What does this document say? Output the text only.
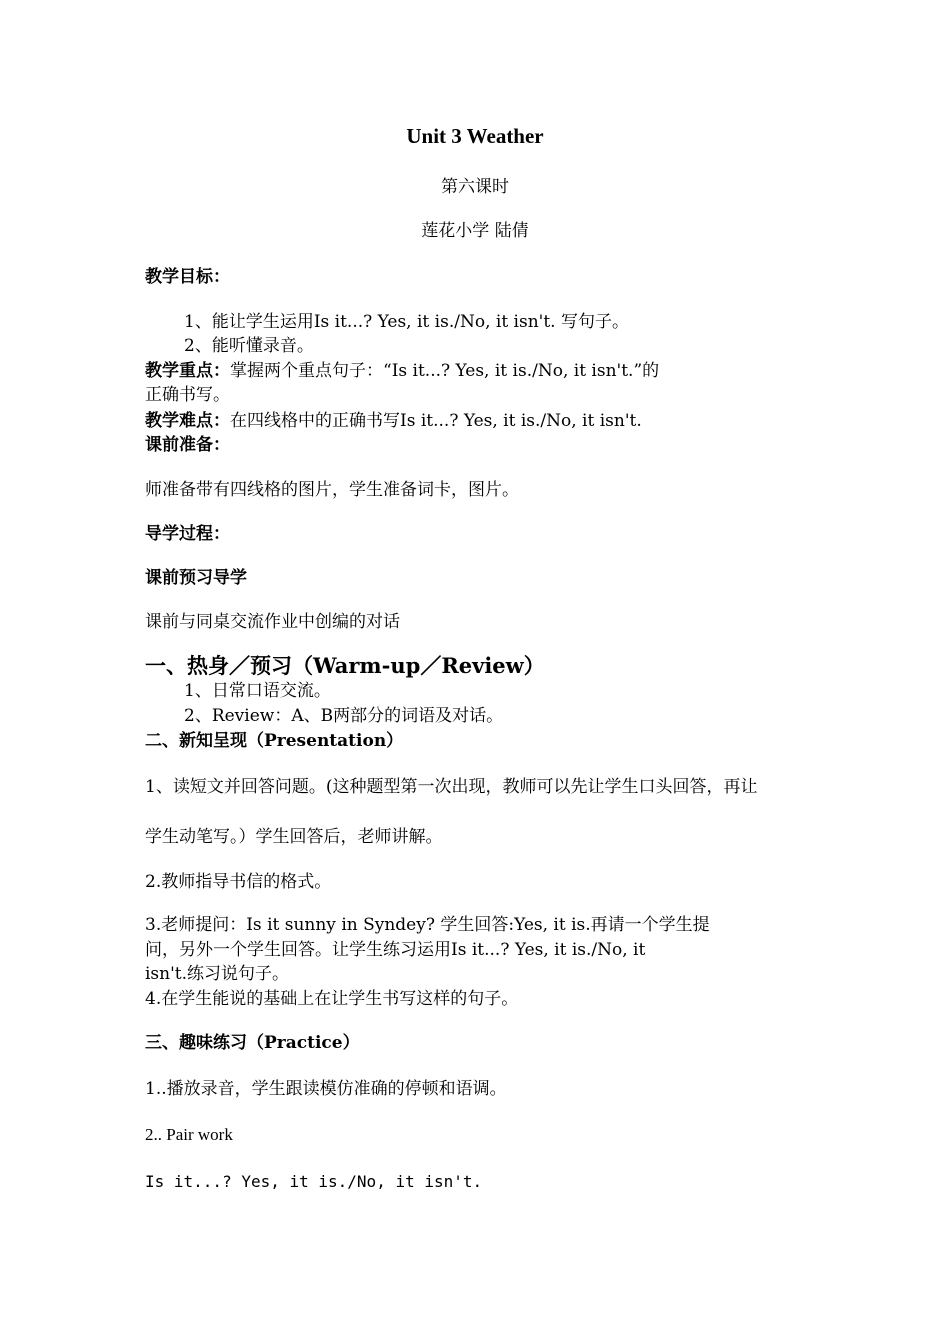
Unit 3 Weather
第六课时
莲花小学 陆倩
教学目标：
1、能让学生运用Is it...? Yes, it is./No, it isn't. 写句子。
2、能听懂录音。
教学重点：掌握两个重点句子：“Is it...? Yes, it is./No, it isn't.”的
正确书写。
教学难点：在四线格中的正确书写Is it...? Yes, it is./No, it isn't.
课前准备：
师准备带有四线格的图片，学生准备词卡，图片。
导学过程：
课前预习导学
课前与同桌交流作业中创编的对话
一、热身／预习（Warm-up／Review）
1、日常口语交流。
2、Review：A、B两部分的词语及对话。
二、新知呈现（Presentation）
1、读短文并回答问题。(这种题型第一次出现，教师可以先让学生口头回答，再让
学生动笔写。）学生回答后，老师讲解。
2.教师指导书信的格式。
3.老师提问：Is it sunny in Syndey? 学生回答:Yes, it is.再请一个学生提
问，另外一个学生回答。让学生练习运用Is it...? Yes, it is./No, it
isn't.练习说句子。
4.在学生能说的基础上在让学生书写这样的句子。
三、趣味练习（Practice）
1..播放录音，学生跟读模仿准确的停顿和语调。
2.. Pair work
Is it...? Yes, it is./No, it isn't.
